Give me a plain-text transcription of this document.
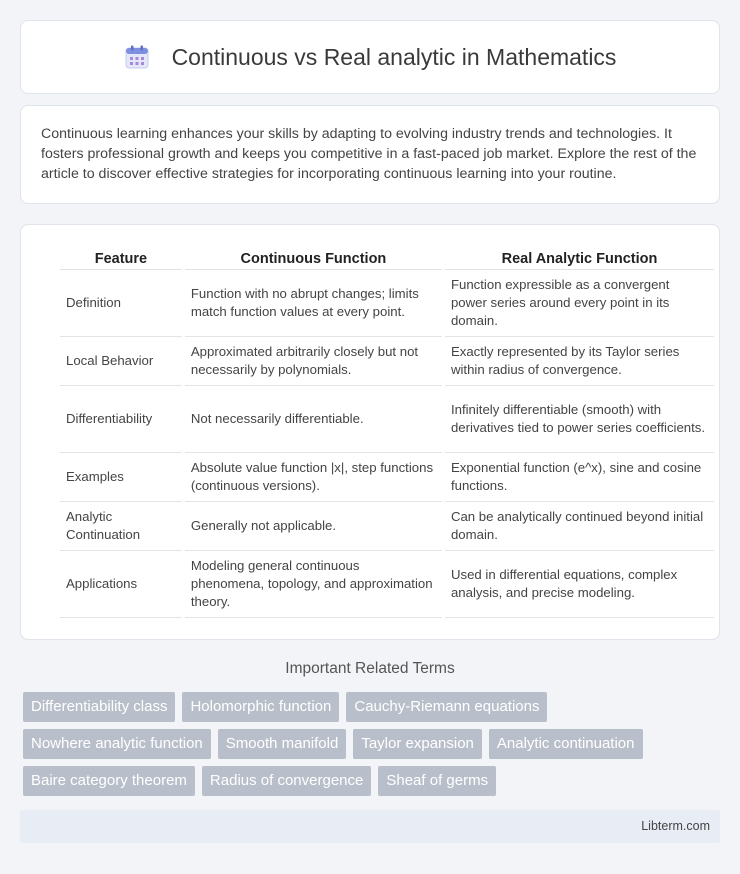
Continuous vs Real analytic in Mathematics

Continuous learning enhances your skills by adapting to evolving industry trends and technologies. It fosters professional growth and keeps you competitive in a fast-paced job market. Explore the rest of the article to discover effective strategies for incorporating continuous learning into your routine.

Feature	Continuous Function	Real Analytic Function
Definition	Function with no abrupt changes; limits match function values at every point.	Function expressible as a convergent power series around every point in its domain.
Local Behavior	Approximated arbitrarily closely but not necessarily by polynomials.	Exactly represented by its Taylor series within radius of convergence.
Differentiability	Not necessarily differentiable.	Infinitely differentiable (smooth) with derivatives tied to power series coefficients.
Examples	Absolute value function |x|, step functions (continuous versions).	Exponential function (e^x), sine and cosine functions.
Analytic Continuation	Generally not applicable.	Can be analytically continued beyond initial domain.
Applications	Modeling general continuous phenomena, topology, and approximation theory.	Used in differential equations, complex analysis, and precise modeling.
Important Related Terms
Differentiability class	Holomorphic function	Cauchy-Riemann equations
Nowhere analytic function	Smooth manifold	Taylor expansion	Analytic continuation
Baire category theorem	Radius of convergence	Sheaf of germs
Libterm.com
